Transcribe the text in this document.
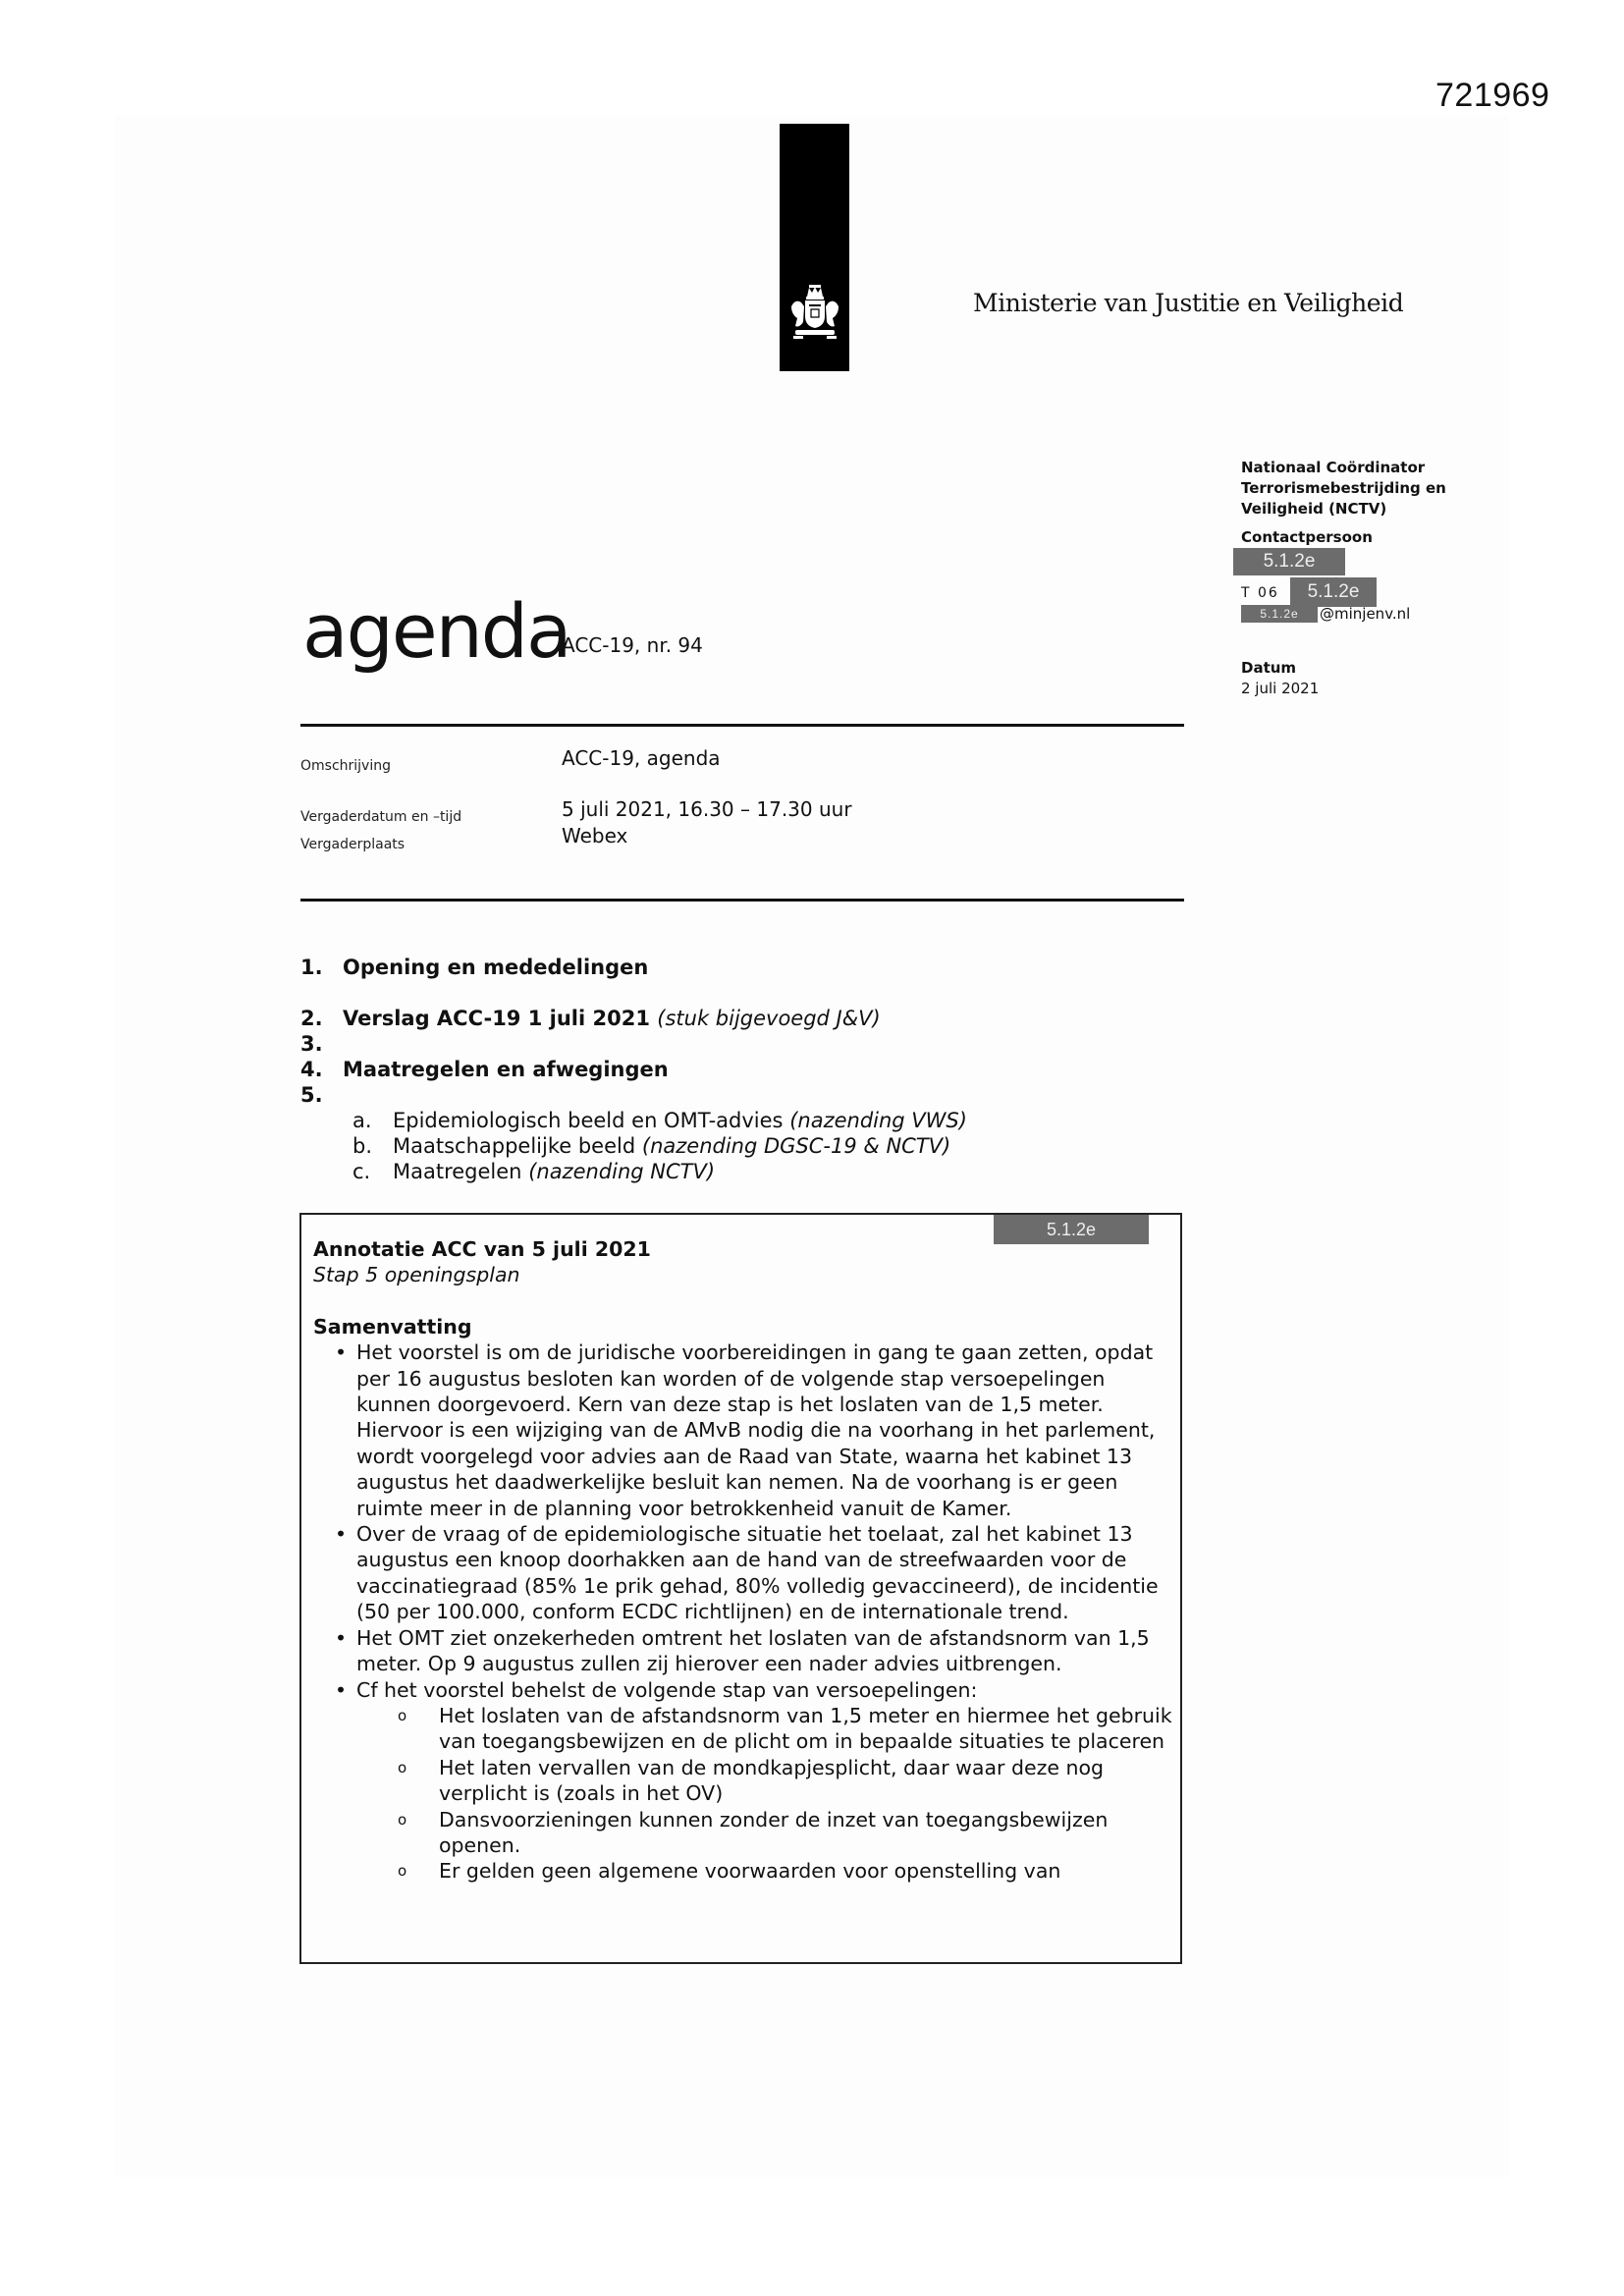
721969
Ministerie van Justitie en Veiligheid
Nationaal Coördinator
Terrorismebestrijding en
Veiligheid (NCTV)
Contactpersoon
5.1.2e
T 06	5.1.2e
5.1.2e	@minjenv.nl
Datum
2 juli 2021
agenda
ACC-19, nr. 94
Omschrijving	ACC-19, agenda
Vergaderdatum en –tijd	5 juli 2021, 16.30 – 17.30 uur
Vergaderplaats	Webex
1. Opening en mededelingen
2. Verslag ACC-19 1 juli 2021 (stuk bijgevoegd J&V)
3.
4. Maatregelen en afwegingen
5.
a. Epidemiologisch beeld en OMT-advies (nazending VWS)
b. Maatschappelijke beeld (nazending DGSC-19 & NCTV)
c. Maatregelen (nazending NCTV)
5.1.2e
Annotatie ACC van 5 juli 2021
Stap 5 openingsplan
Samenvatting
• Het voorstel is om de juridische voorbereidingen in gang te gaan zetten, opdat per 16 augustus besloten kan worden of de volgende stap versoepelingen kunnen doorgevoerd. Kern van deze stap is het loslaten van de 1,5 meter. Hiervoor is een wijziging van de AMvB nodig die na voorhang in het parlement, wordt voorgelegd voor advies aan de Raad van State, waarna het kabinet 13 augustus het daadwerkelijke besluit kan nemen. Na de voorhang is er geen ruimte meer in de planning voor betrokkenheid vanuit de Kamer.
• Over de vraag of de epidemiologische situatie het toelaat, zal het kabinet 13 augustus een knoop doorhakken aan de hand van de streefwaarden voor de vaccinatiegraad (85% 1e prik gehad, 80% volledig gevaccineerd), de incidentie (50 per 100.000, conform ECDC richtlijnen) en de internationale trend.
• Het OMT ziet onzekerheden omtrent het loslaten van de afstandsnorm van 1,5 meter. Op 9 augustus zullen zij hierover een nader advies uitbrengen.
• Cf het voorstel behelst de volgende stap van versoepelingen:
o Het loslaten van de afstandsnorm van 1,5 meter en hiermee het gebruik van toegangsbewijzen en de plicht om in bepaalde situaties te placeren
o Het laten vervallen van de mondkapjesplicht, daar waar deze nog verplicht is (zoals in het OV)
o Dansvoorzieningen kunnen zonder de inzet van toegangsbewijzen openen.
o Er gelden geen algemene voorwaarden voor openstelling van
